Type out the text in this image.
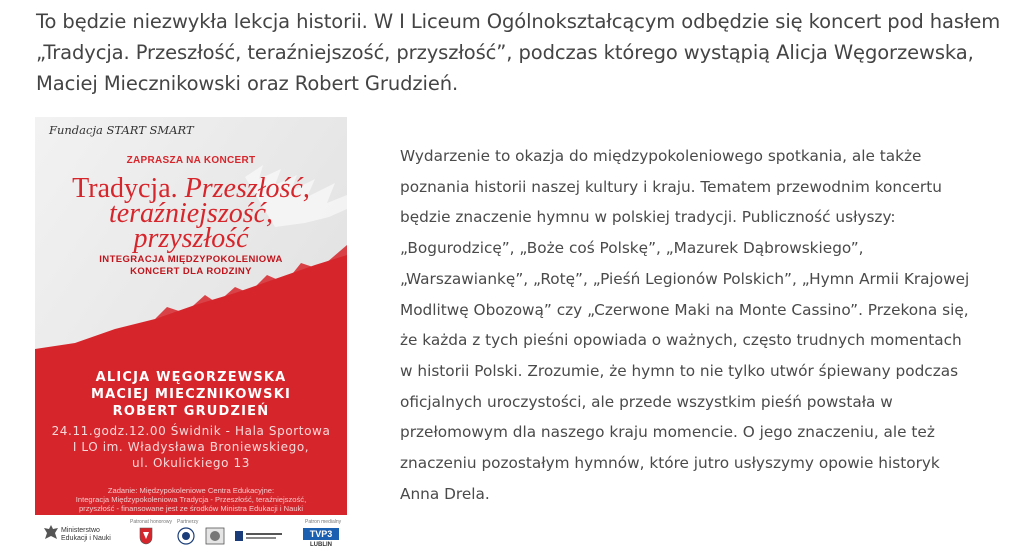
To będzie niezwykła lekcja historii. W I Liceum Ogólnokształcącym odbędzie się koncert pod hasłem „Tradycja. Przeszłość, teraźniejszość, przyszłość”, podczas którego wystąpią Alicja Węgorzewska, Maciej Miecznikowski oraz Robert Grudzień.

Fundacja START SMART
ZAPRASZA NA KONCERT
Tradycja. Przeszłość,
teraźniejszość,
przyszłość
INTEGRACJA MIĘDZYPOKOLENIOWA
KONCERT DLA RODZINY
ALICJA WĘGORZEWSKA
MACIEJ MIECZNIKOWSKI
ROBERT GRUDZIEŃ
24.11.godz.12.00 Świdnik - Hala Sportowa
I LO im. Władysława Broniewskiego,
ul. Okulickiego 13
Zadanie: Międzypokoleniowe Centra Edukacyjne:
Integracja Międzypokoleniowa Tradycja - Przeszłość, teraźniejszość,
przyszłość - finansowane jest ze środków Ministra Edukacji i Nauki
Ministerstwo
Edukacji i Nauki
Patronat honorowy Partnerzy	Patron medialny
TVP3
LUBLIN

Wydarzenie to okazja do międzypokoleniowego spotkania, ale także poznania historii naszej kultury i kraju. Tematem przewodnim koncertu będzie znaczenie hymnu w polskiej tradycji. Publiczność usłyszy: „Bogurodzicę”, „Boże coś Polskę”, „Mazurek Dąbrowskiego”, „Warszawiankę”, „Rotę”, „Pieśń Legionów Polskich”, „Hymn Armii Krajowej Modlitwę Obozową” czy „Czerwone Maki na Monte Cassino”. Przekona się, że każda z tych pieśni opowiada o ważnych, często trudnych momentach w historii Polski. Zrozumie, że hymn to nie tylko utwór śpiewany podczas oficjalnych uroczystości, ale przede wszystkim pieśń powstała w przełomowym dla naszego kraju momencie. O jego znaczeniu, ale też znaczeniu pozostałym hymnów, które jutro usłyszymy opowie historyk Anna Drela.
